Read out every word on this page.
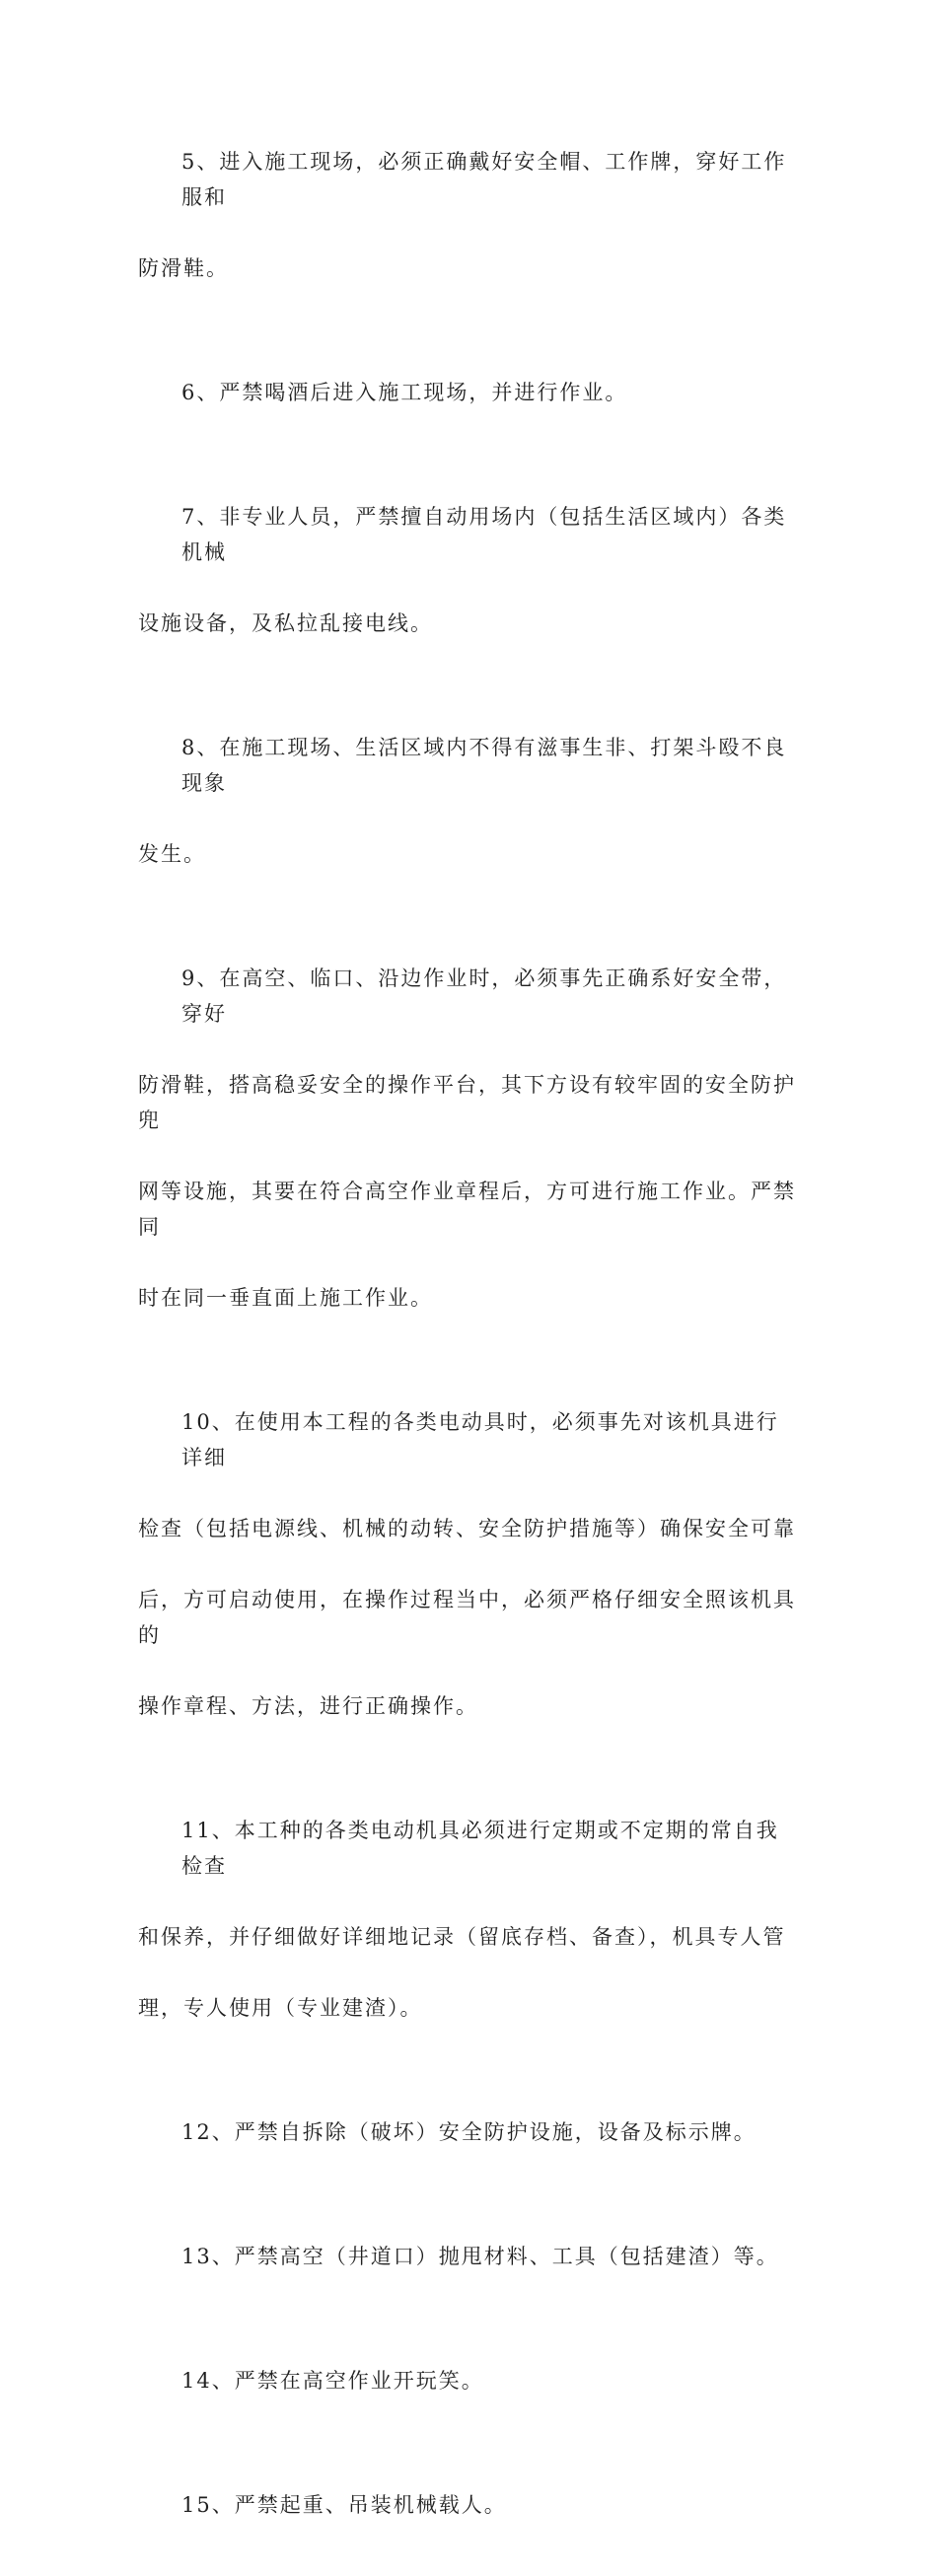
5、进入施工现场，必须正确戴好安全帽、工作牌，穿好工作服和

防滑鞋。

6、严禁喝酒后进入施工现场，并进行作业。

7、非专业人员，严禁擅自动用场内（包括生活区域内）各类机械

设施设备，及私拉乱接电线。

8、在施工现场、生活区域内不得有滋事生非、打架斗殴不良现象

发生。

9、在高空、临口、沿边作业时，必须事先正确系好安全带，穿好

防滑鞋，搭高稳妥安全的操作平台，其下方设有较牢固的安全防护兜

网等设施，其要在符合高空作业章程后，方可进行施工作业。严禁同

时在同一垂直面上施工作业。

10、在使用本工程的各类电动具时，必须事先对该机具进行详细

检查（包括电源线、机械的动转、安全防护措施等）确保安全可靠

后，方可启动使用，在操作过程当中，必须严格仔细安全照该机具的

操作章程、方法，进行正确操作。

11、本工种的各类电动机具必须进行定期或不定期的常自我检查

和保养，并仔细做好详细地记录（留底存档、备查），机具专人管

理，专人使用（专业建渣）。

12、严禁自拆除（破坏）安全防护设施，设备及标示牌。

13、严禁高空（井道口）抛甩材料、工具（包括建渣）等。

14、严禁在高空作业开玩笑。

15、严禁起重、吊装机械载人。
